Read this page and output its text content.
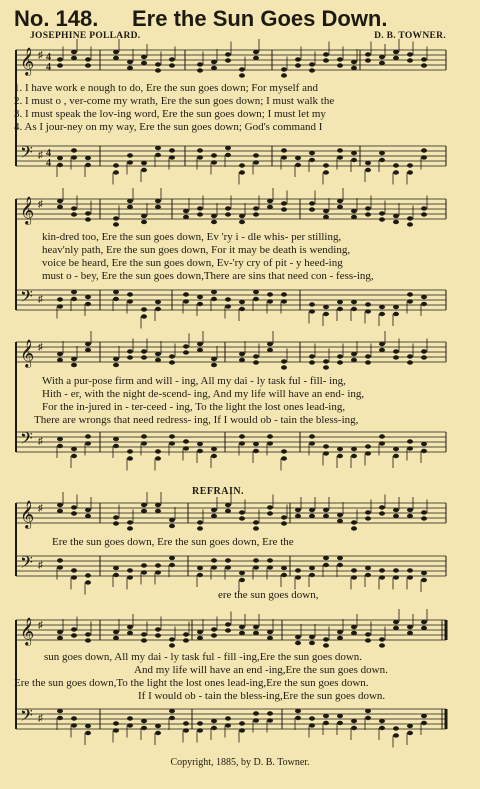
No. 148. Ere the Sun Goes Down.
JOSEPHINE POLLARD.	D. B. TOWNER.
𝄞
𝄢
♯
♯
4
4
4
4
𝄞
𝄢
♯
♯
𝄞
𝄢
♯
♯
𝄞
𝄢
♯
♯
𝄞
𝄢
♯
♯
1. I have work e nough to do, Ere the sun goes down; For myself and
2. I must o , ver-come my wrath, Ere the sun goes down; I must walk the
3. I must speak the lov-ing word, Ere the sun goes down; I must let my
4. As I jour-ney on my way, Ere the sun goes down; God's command I
kin-dred too, Ere the sun goes down, Ev 'ry i - dle whis- per stilling,
heav'nly path, Ere the sun goes down, For it may be death is wending,
voice be heard, Ere the sun goes down, Ev-'ry cry of pit - y heed-ing
must o - bey, Ere the sun goes down,There are sins that need con - fess-ing,
With a pur-pose firm and will - ing, All my dai - ly task ful - fill- ing,
Hith - er, with the night de-scend- ing, And my life will have an end- ing,
For the in-jured in - ter-ceed - ing, To the light the lost ones lead-ing,
There are wrongs that need redress- ing, If I would ob - tain the bless-ing,
REFRAIN.
Ere the sun goes down, Ere the sun goes down, Ere the
ere the sun goes down,
sun goes down, All my dai - ly task ful - fill -ing,Ere the sun goes down.
And my life will have an end -ing,Ere the sun goes down.
Ere the sun goes down,To the light the lost ones lead-ing,Ere the sun goes down.
If I would ob - tain the bless-ing,Ere the sun goes down.
Copyright, 1885, by D. B. Towner.
